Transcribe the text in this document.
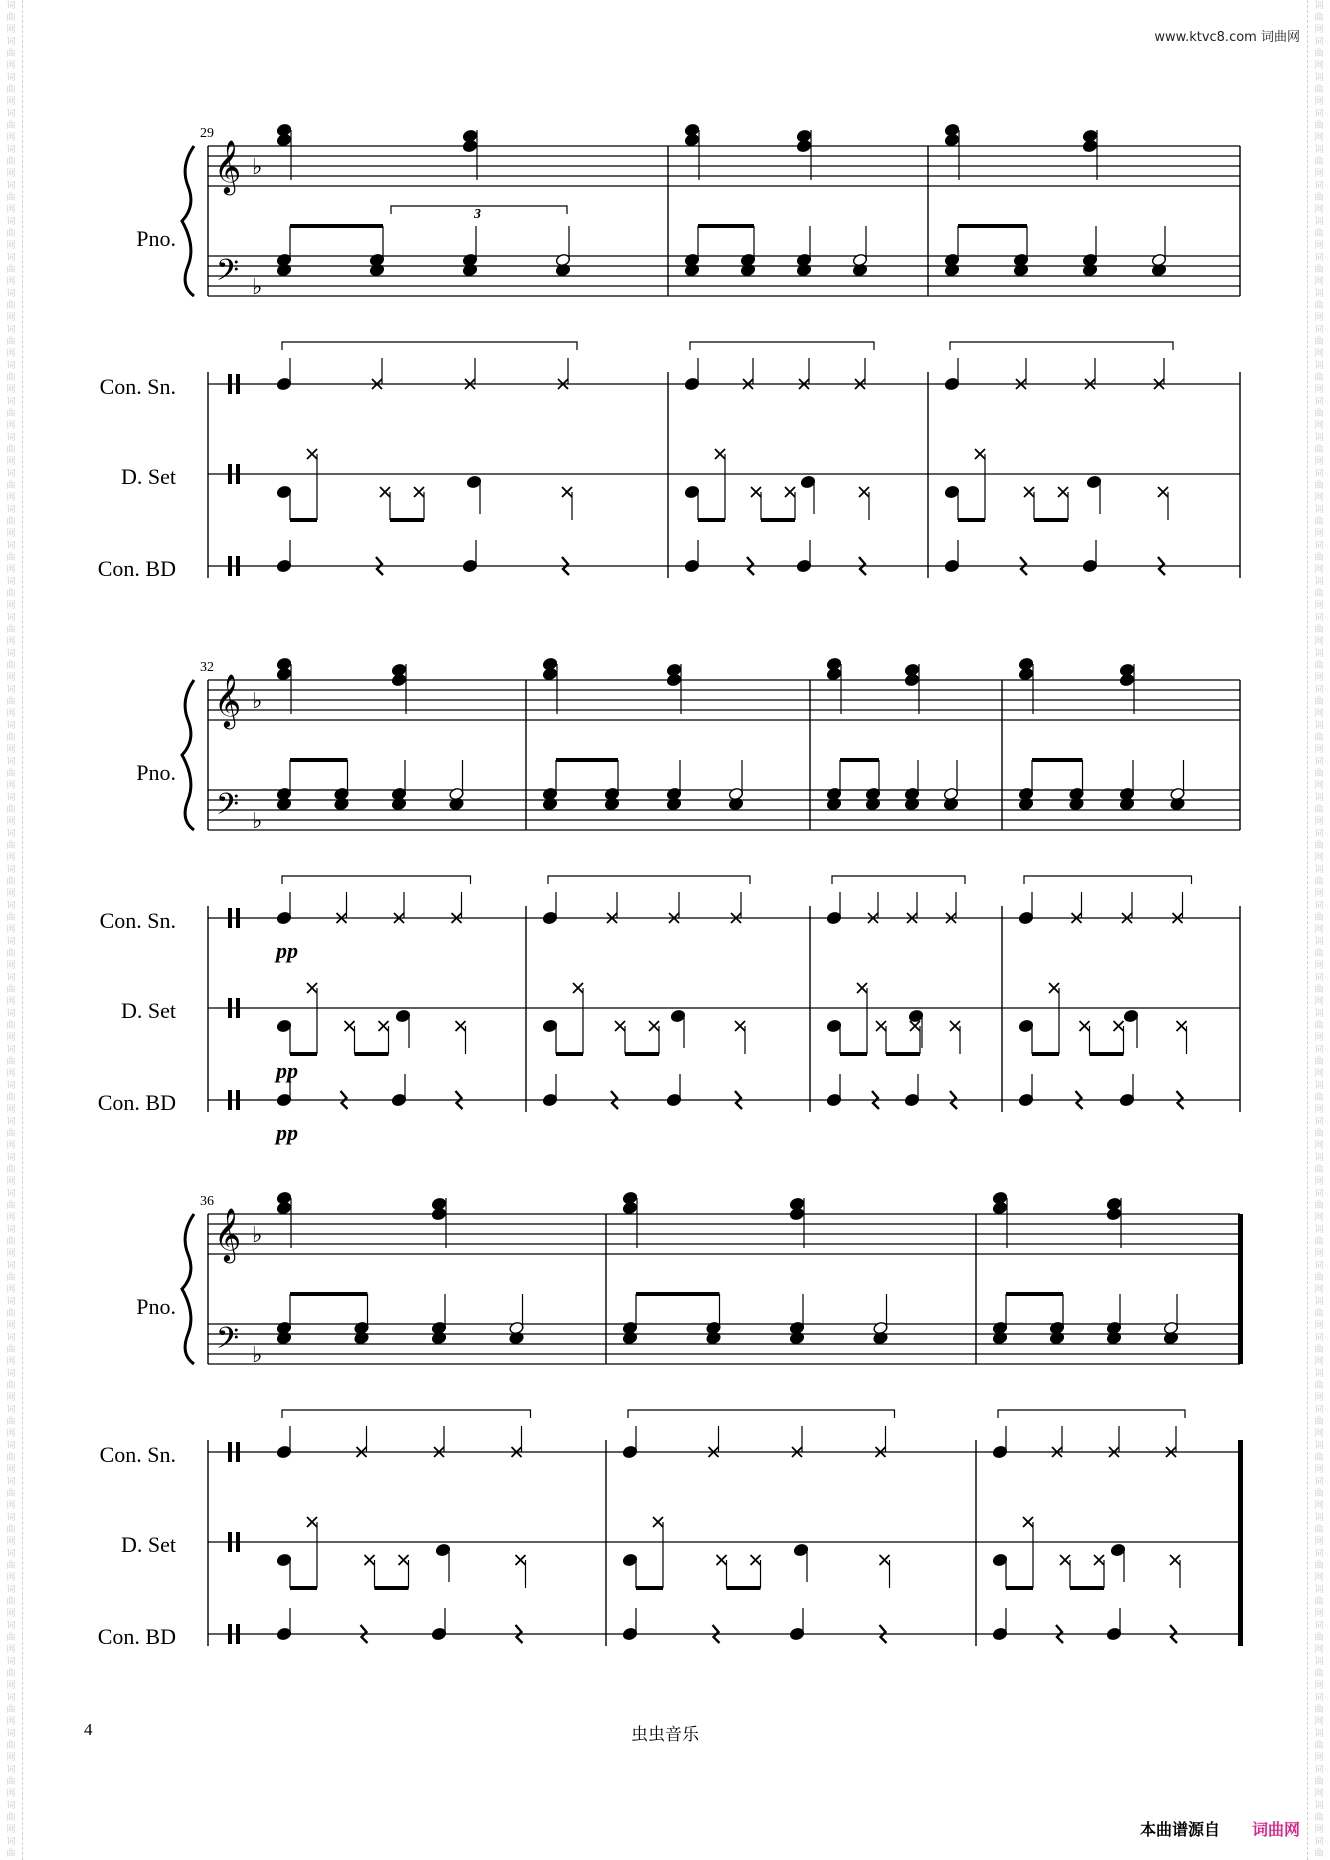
词
曲
网
词
曲
网
词
曲
网
词
曲
网
词
曲
网
词
曲
网
词
曲
网
词
曲
网
词
曲
网
词
曲
网
词
曲
网
词
曲
网
词
曲
网
词
曲
网
词
曲
网
词
曲
网
词
曲
网
词
曲
网
词
曲
网
词
曲
网
词
曲
网
词
曲
网
词
曲
网
词
曲
网
词
曲
网
词
曲
网
词
曲
网
词
曲
网
词
曲
网
词
曲
网
词
曲
网
词
曲
网
词
曲
网
词
曲
网
词
曲
网
词
曲
网
词
曲
网
词
曲
网
词
曲
网
词
曲
网
词
曲
网
词
曲
网
词
曲
网
词
曲
网
词
曲
网
词
曲
网
词
曲
网
词
曲
网
词
曲
网
词
曲
网
词
曲
网
词
曲
词
曲
网
词
曲
网
词
曲
网
词
曲
网
词
曲
网
词
曲
网
词
曲
网
词
曲
网
词
曲
网
词
曲
网
词
曲
网
词
曲
网
词
曲
网
词
曲
网
词
曲
网
词
曲
网
词
曲
网
词
曲
网
词
曲
网
词
曲
网
词
曲
网
词
曲
网
词
曲
网
词
曲
网
词
曲
网
词
曲
网
词
曲
网
词
曲
网
词
曲
网
词
曲
网
词
曲
网
词
曲
网
词
曲
网
词
曲
网
词
曲
网
词
曲
网
词
曲
网
词
曲
网
词
曲
网
词
曲
网
词
曲
网
词
曲
网
词
曲
网
词
曲
网
词
曲
网
词
曲
网
词
曲
网
词
曲
网
词
曲
网
词
曲
网
词
曲
网
词
曲
www.ktvc8.com 词曲网
29
Pno.
Con. Sn.
D. Set
Con. BD
32
Pno.
Con. Sn.
D. Set
Con. BD
36
Pno.
Con. Sn.
D. Set
Con. BD
𝄞
𝄢
♭
♭
3
𝄞
𝄢
♭
♭
pp
pp
pp
𝄞
𝄢
♭
♭
4	虫虫音乐
本曲谱源自 词曲网
